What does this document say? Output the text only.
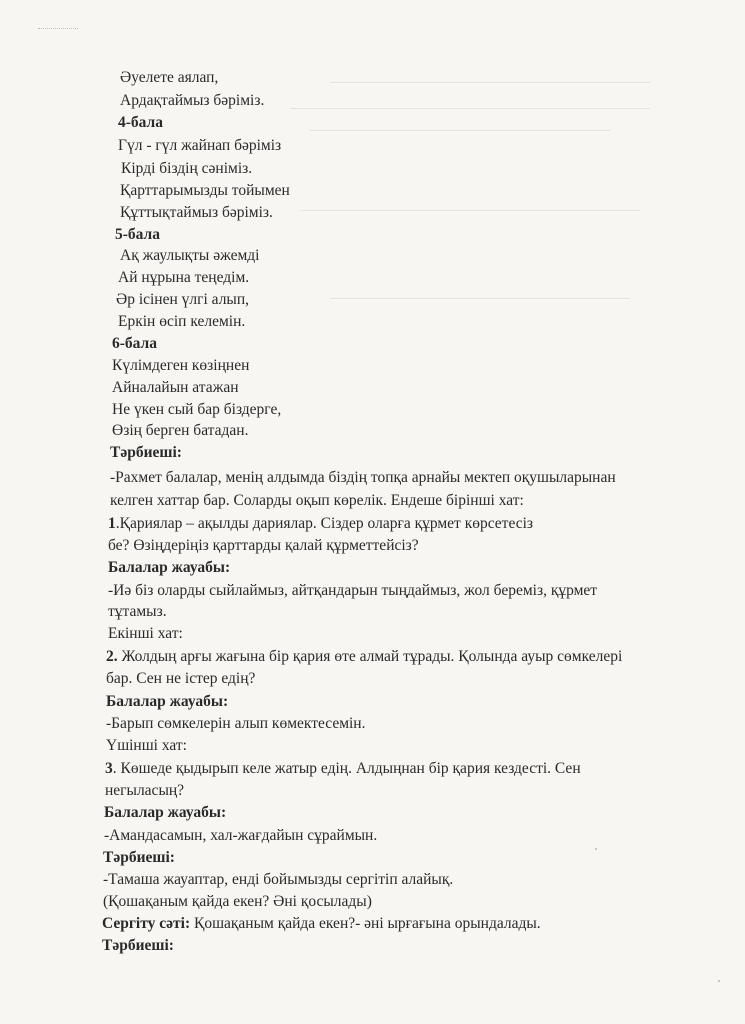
Әуелете аялап,
Ардақтаймыз бәріміз.
4-бала
Гүл - гүл жайнап бәріміз
Кірді біздің сәніміз.
Қарттарымызды тойымен
Құттықтаймыз бәріміз.
5-бала
Ақ жаулықты әжемді
Ай нұрына теңедім.
Әр ісінен үлгі алып,
Еркін өсіп келемін.
6-бала
Күлімдеген көзіңнен
Айналайын атажан
Не үкен сый бар біздерге,
Өзің берген батадан.
Тәрбиеші:
-Рахмет балалар, менің алдымда біздің топқа арнайы мектеп оқушыларынан
келген хаттар бар. Соларды оқып көрелік. Ендеше бірінші хат:
1.Қариялар – ақылды дариялар. Сіздер оларға құрмет көрсетесіз
бе? Өзіңдеріңіз қарттарды қалай құрметтейсіз?
Балалар жауабы:
-Иә біз оларды сыйлаймыз, айтқандарын тыңдаймыз, жол береміз, құрмет
тұтамыз.
Екінші хат:
2. Жолдың арғы жағына бір қария өте алмай тұрады. Қолында ауыр сөмкелері
бар. Сен не істер едің?
Балалар жауабы:
-Барып сөмкелерін алып көмектесемін.
Үшінші хат:
3. Көшеде қыдырып келе жатыр едің. Алдыңнан бір қария кездесті. Сен
негыласың?
Балалар жауабы:
-Амандасамын, хал-жағдайын сұраймын.
Тәрбиеші:
-Тамаша жауаптар, енді бойымызды сергітіп алайық.
(Қошақаным қайда екен? Әні қосылады)
Сергіту сәті: Қошақаным қайда екен?- әні ырғағына орындалады.
Тәрбиеші:
